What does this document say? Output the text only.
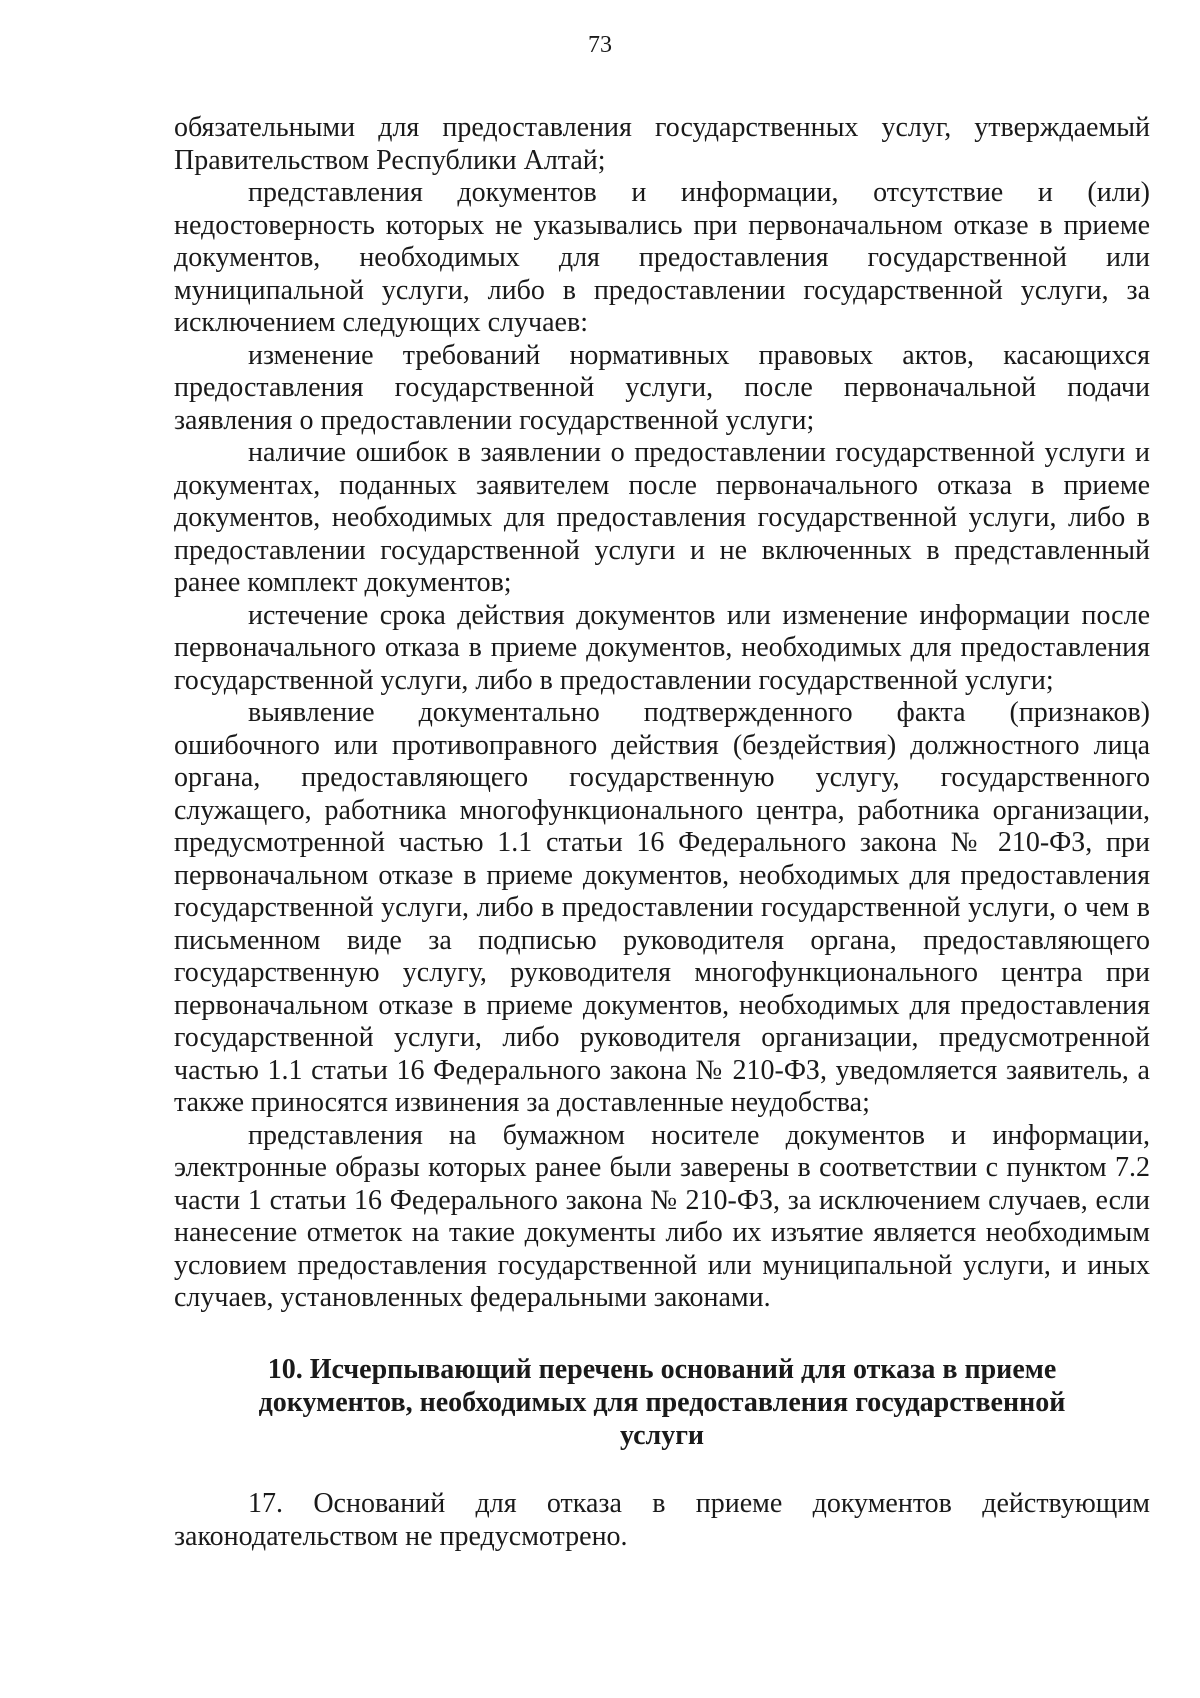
73

обязательными для предоставления государственных услуг, утверждаемый Правительством Республики Алтай;

представления документов и информации, отсутствие и (или) недостоверность которых не указывались при первоначальном отказе в приеме документов, необходимых для предоставления государственной или муниципальной услуги, либо в предоставлении государственной услуги, за исключением следующих случаев:

изменение требований нормативных правовых актов, касающихся предоставления государственной услуги, после первоначальной подачи заявления о предоставлении государственной услуги;

наличие ошибок в заявлении о предоставлении государственной услуги и документах, поданных заявителем после первоначального отказа в приеме документов, необходимых для предоставления государственной услуги, либо в предоставлении государственной услуги и не включенных в представленный ранее комплект документов;

истечение срока действия документов или изменение информации после первоначального отказа в приеме документов, необходимых для предоставления государственной услуги, либо в предоставлении государственной услуги;

выявление документально подтвержденного факта (признаков) ошибочного или противоправного действия (бездействия) должностного лица органа, предоставляющего государственную услугу, государственного служащего, работника многофункционального центра, работника организации, предусмотренной частью 1.1 статьи 16 Федерального закона № 210-ФЗ, при первоначальном отказе в приеме документов, необходимых для предоставления государственной услуги, либо в предоставлении государственной услуги, о чем в письменном виде за подписью руководителя органа, предоставляющего государственную услугу, руководителя многофункционального центра при первоначальном отказе в приеме документов, необходимых для предоставления государственной услуги, либо руководителя организации, предусмотренной частью 1.1 статьи 16 Федерального закона № 210-ФЗ, уведомляется заявитель, а также приносятся извинения за доставленные неудобства;

представления на бумажном носителе документов и информации, электронные образы которых ранее были заверены в соответствии с пунктом 7.2 части 1 статьи 16 Федерального закона № 210-ФЗ, за исключением случаев, если нанесение отметок на такие документы либо их изъятие является необходимым условием предоставления государственной или муниципальной услуги, и иных случаев, установленных федеральными законами.

10. Исчерпывающий перечень оснований для отказа в приеме
документов, необходимых для предоставления государственной
услуги

17. Оснований для отказа в приеме документов действующим законодательством не предусмотрено.
